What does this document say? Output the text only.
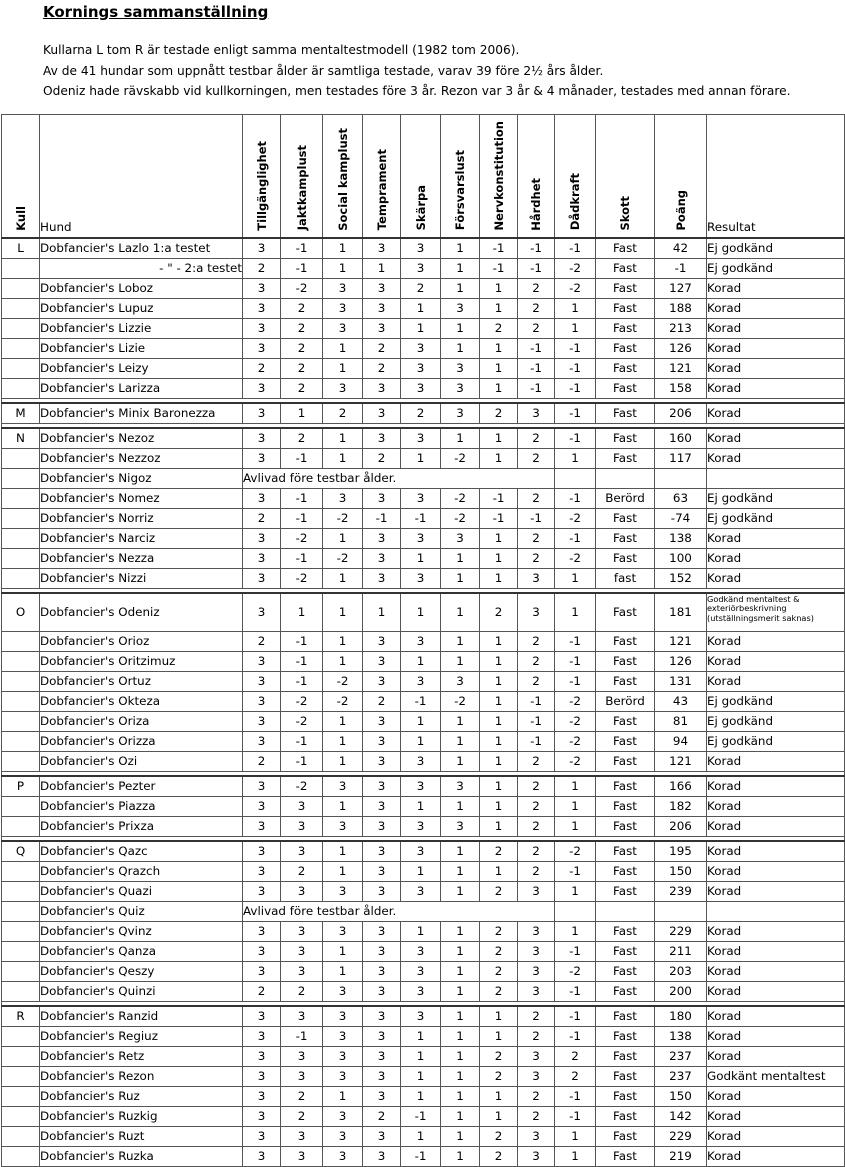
Kornings sammanställning
Kullarna L tom R är testade enligt samma mentaltestmodell (1982 tom 2006).
Av de 41 hundar som uppnått testbar ålder är samtliga testade, varav 39 före 2½ års ålder.
Odeniz hade rävskabb vid kullkorningen, men testades före 3 år. Rezon var 3 år & 4 månader, testades med annan förare.
Kull	Hund	Tillgänglighet	Jaktkamplust	Social kamplust	Temprament	Skärpa	Försvarslust	Nervkonstitution	Hårdhet	Dådkraft	Skott	Poäng	Resultat
L	Dobfancier's Lazlo 1:a testet	3	-1	1	3	3	1	-1	-1	-1	Fast	42	Ej godkänd
	- " - 2:a testet	2	-1	1	1	3	1	-1	-1	-2	Fast	-1	Ej godkänd
	Dobfancier's Loboz	3	-2	3	3	2	1	1	2	-2	Fast	127	Korad
	Dobfancier's Lupuz	3	2	3	3	1	3	1	2	1	Fast	188	Korad
	Dobfancier's Lizzie	3	2	3	3	1	1	2	2	1	Fast	213	Korad
	Dobfancier's Lizie	3	2	1	2	3	1	1	-1	-1	Fast	126	Korad
	Dobfancier's Leizy	2	2	1	2	3	3	1	-1	-1	Fast	121	Korad
	Dobfancier's Larizza	3	2	3	3	3	3	1	-1	-1	Fast	158	Korad

M	Dobfancier's Minix Baronezza	3	1	2	3	2	3	2	3	-1	Fast	206	Korad

N	Dobfancier's Nezoz	3	2	1	3	3	1	1	2	-1	Fast	160	Korad
	Dobfancier's Nezzoz	3	-1	1	2	1	-2	1	2	1	Fast	117	Korad
	Dobfancier's Nigoz	Avlivad före testbar ålder.											
	Dobfancier's Nomez	3	-1	3	3	3	-2	-1	2	-1	Berörd	63	Ej godkänd
	Dobfancier's Norriz	2	-1	-2	-1	-1	-2	-1	-1	-2	Fast	-74	Ej godkänd
	Dobfancier's Narciz	3	-2	1	3	3	3	1	2	-1	Fast	138	Korad
	Dobfancier's Nezza	3	-1	-2	3	1	1	1	2	-2	Fast	100	Korad
	Dobfancier's Nizzi	3	-2	1	3	3	1	1	3	1	fast	152	Korad

O	Dobfancier's Odeniz	3	1	1	1	1	1	2	3	1	Fast	181	Godkänd mentaltest & exteriörbeskrivning (utställningsmerit saknas)
	Dobfancier's Orioz	2	-1	1	3	3	1	1	2	-1	Fast	121	Korad
	Dobfancier's Oritzimuz	3	-1	1	3	1	1	1	2	-1	Fast	126	Korad
	Dobfancier's Ortuz	3	-1	-2	3	3	3	1	2	-1	Fast	131	Korad
	Dobfancier's Okteza	3	-2	-2	2	-1	-2	1	-1	-2	Berörd	43	Ej godkänd
	Dobfancier's Oriza	3	-2	1	3	1	1	1	-1	-2	Fast	81	Ej godkänd
	Dobfancier's Orizza	3	-1	1	3	1	1	1	-1	-2	Fast	94	Ej godkänd
	Dobfancier's Ozi	2	-1	1	3	3	1	1	2	-2	Fast	121	Korad

P	Dobfancier's Pezter	3	-2	3	3	3	3	1	2	1	Fast	166	Korad
	Dobfancier's Piazza	3	3	1	3	1	1	1	2	1	Fast	182	Korad
	Dobfancier's Prixza	3	3	3	3	3	3	1	2	1	Fast	206	Korad

Q	Dobfancier's Qazc	3	3	1	3	3	1	2	2	-2	Fast	195	Korad
	Dobfancier's Qrazch	3	2	1	3	1	1	1	2	-1	Fast	150	Korad
	Dobfancier's Quazi	3	3	3	3	3	1	2	3	1	Fast	239	Korad
	Dobfancier's Quiz	Avlivad före testbar ålder.											
	Dobfancier's Qvinz	3	3	3	3	1	1	2	3	1	Fast	229	Korad
	Dobfancier's Qanza	3	3	1	3	3	1	2	3	-1	Fast	211	Korad
	Dobfancier's Qeszy	3	3	1	3	3	1	2	3	-2	Fast	203	Korad
	Dobfancier's Quinzi	2	2	3	3	3	1	2	3	-1	Fast	200	Korad

R	Dobfancier's Ranzid	3	3	3	3	3	1	1	2	-1	Fast	180	Korad
	Dobfancier's Regiuz	3	-1	3	3	1	1	1	2	-1	Fast	138	Korad
	Dobfancier's Retz	3	3	3	3	1	1	2	3	2	Fast	237	Korad
	Dobfancier's Rezon	3	3	3	3	1	1	2	3	2	Fast	237	Godkänt mentaltest
	Dobfancier's Ruz	3	2	1	3	1	1	1	2	-1	Fast	150	Korad
	Dobfancier's Ruzkig	3	2	3	2	-1	1	1	2	-1	Fast	142	Korad
	Dobfancier's Ruzt	3	3	3	3	1	1	2	3	1	Fast	229	Korad
	Dobfancier's Ruzka	3	3	3	3	-1	1	2	3	1	Fast	219	Korad
